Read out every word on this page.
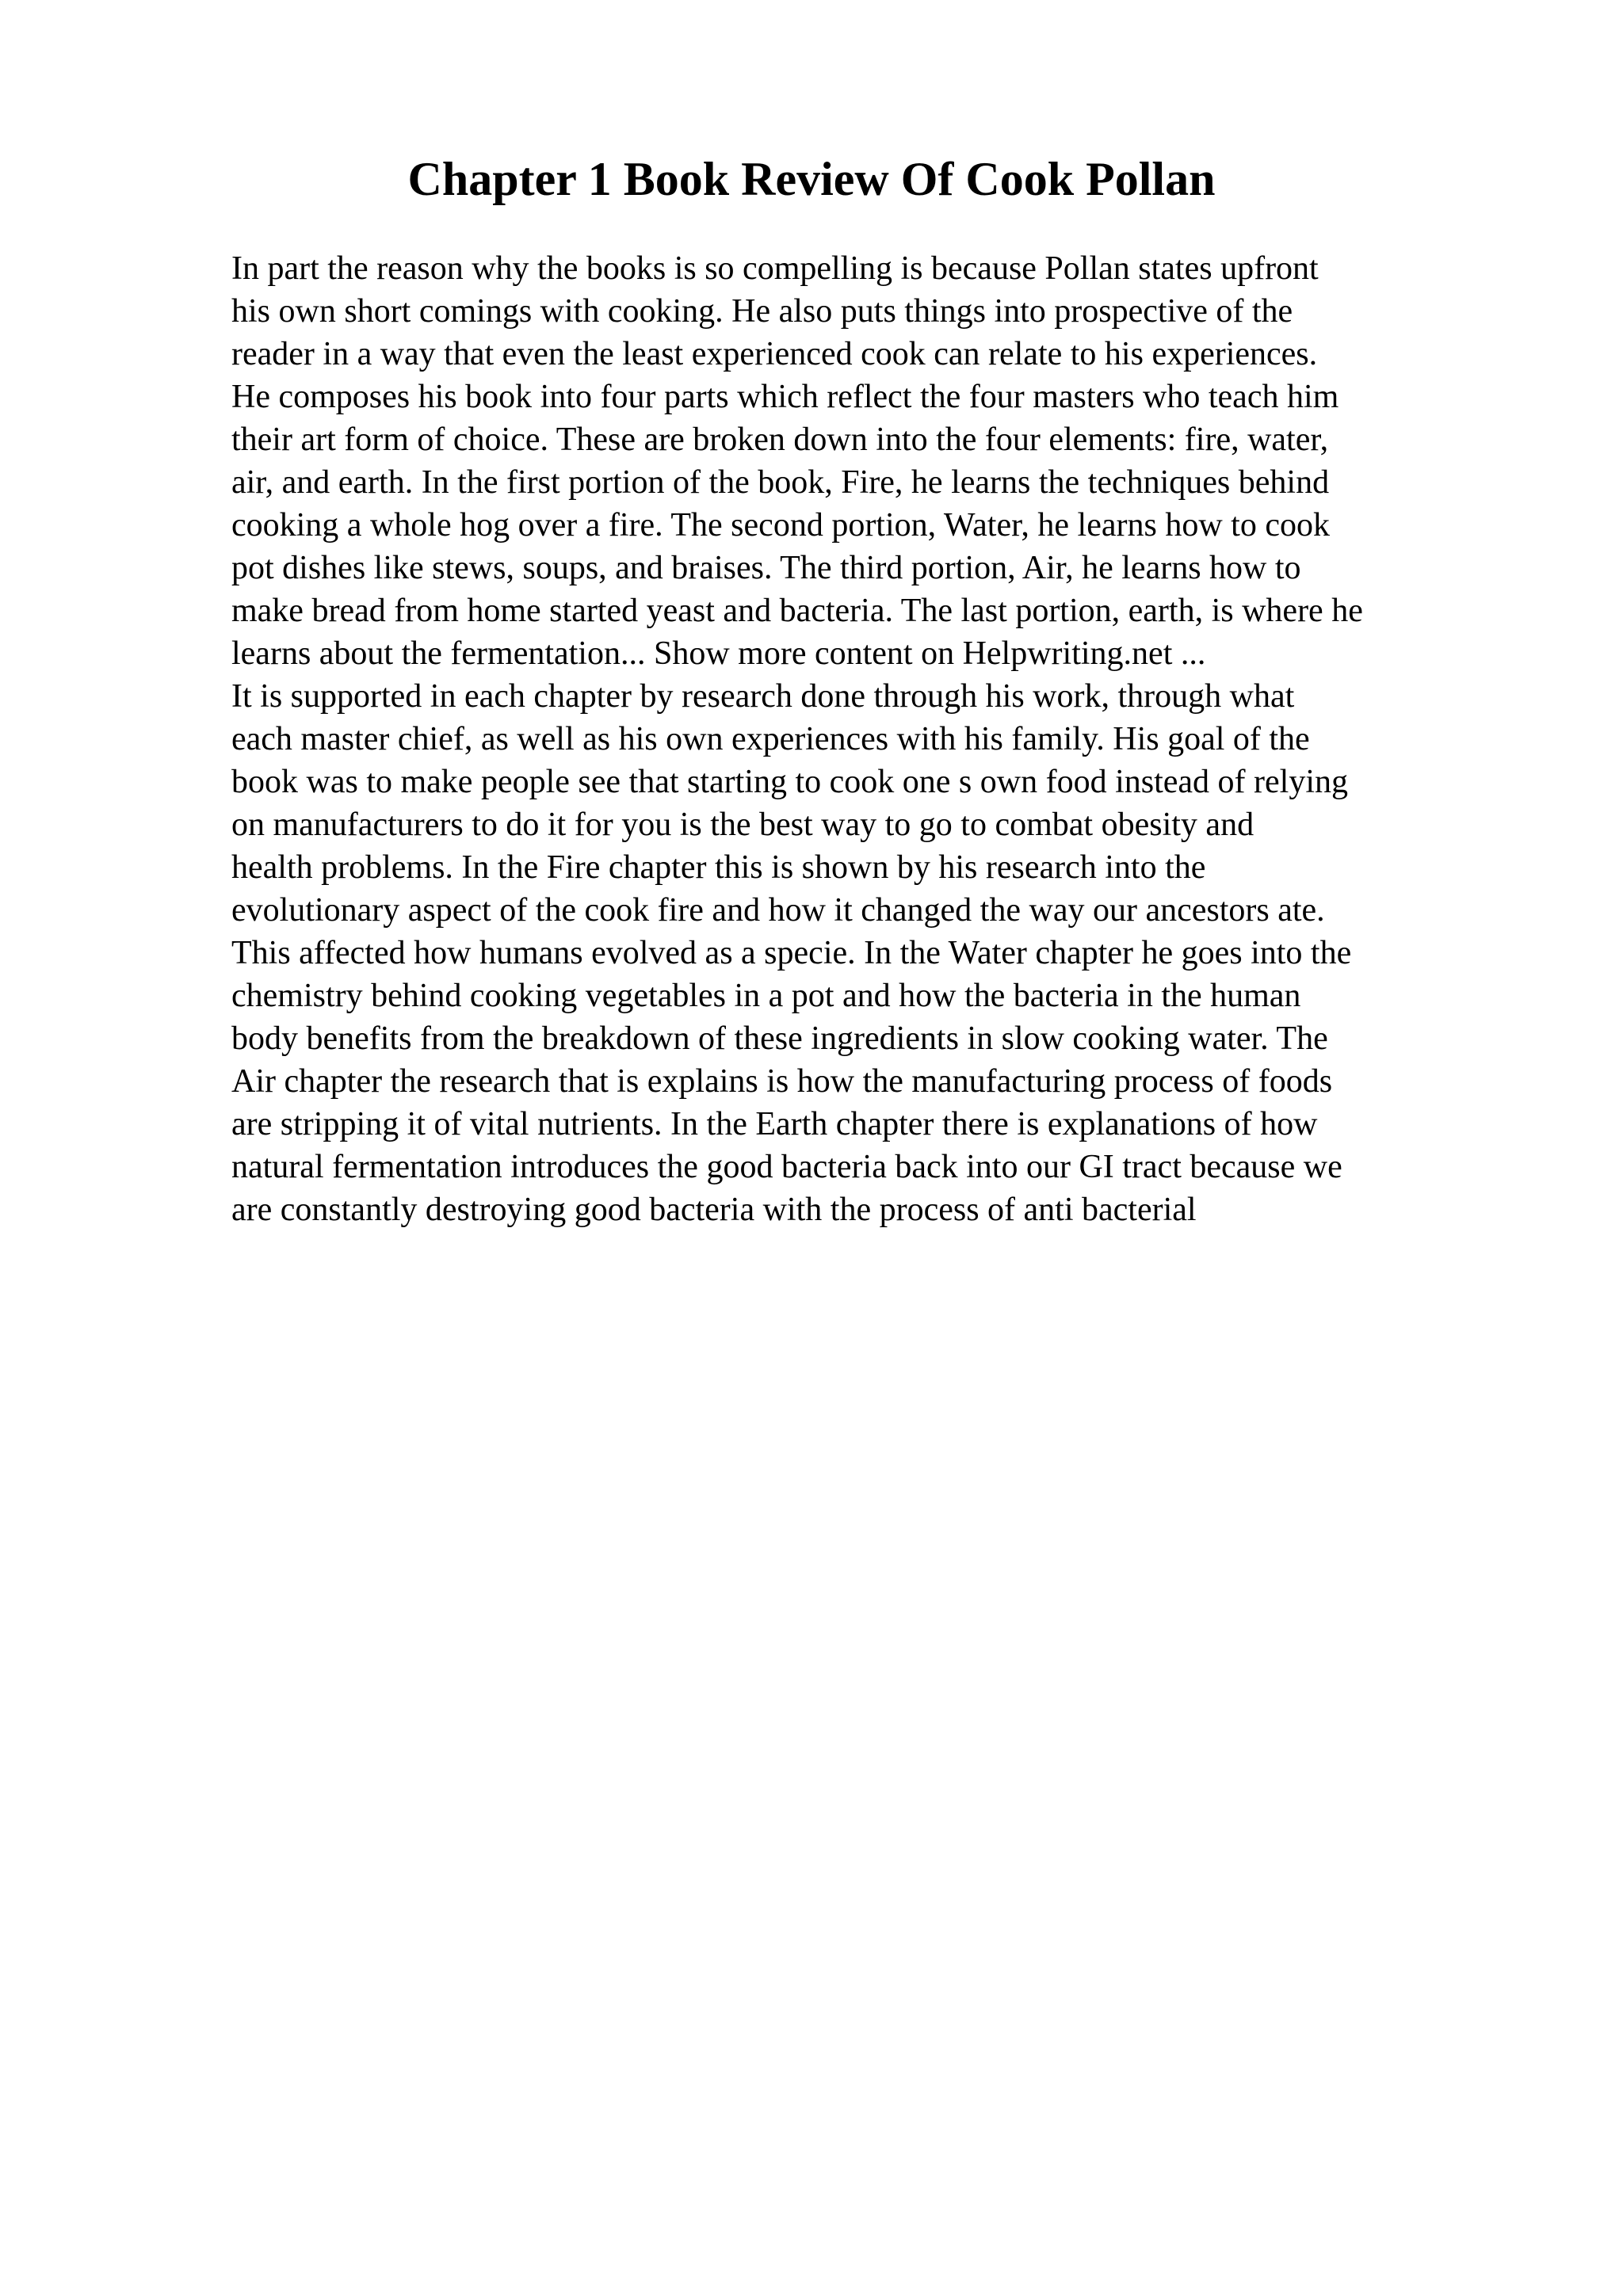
Chapter 1 Book Review Of Cook Pollan
In part the reason why the books is so compelling is because Pollan states upfront
his own short comings with cooking. He also puts things into prospective of the
reader in a way that even the least experienced cook can relate to his experiences.
He composes his book into four parts which reflect the four masters who teach him
their art form of choice. These are broken down into the four elements: fire, water,
air, and earth. In the first portion of the book, Fire, he learns the techniques behind
cooking a whole hog over a fire. The second portion, Water, he learns how to cook
pot dishes like stews, soups, and braises. The third portion, Air, he learns how to
make bread from home started yeast and bacteria. The last portion, earth, is where he
learns about the fermentation... Show more content on Helpwriting.net ...
It is supported in each chapter by research done through his work, through what
each master chief, as well as his own experiences with his family. His goal of the
book was to make people see that starting to cook one s own food instead of relying
on manufacturers to do it for you is the best way to go to combat obesity and
health problems. In the Fire chapter this is shown by his research into the
evolutionary aspect of the cook fire and how it changed the way our ancestors ate.
This affected how humans evolved as a specie. In the Water chapter he goes into the
chemistry behind cooking vegetables in a pot and how the bacteria in the human
body benefits from the breakdown of these ingredients in slow cooking water. The
Air chapter the research that is explains is how the manufacturing process of foods
are stripping it of vital nutrients. In the Earth chapter there is explanations of how
natural fermentation introduces the good bacteria back into our GI tract because we
are constantly destroying good bacteria with the process of anti bacterial
